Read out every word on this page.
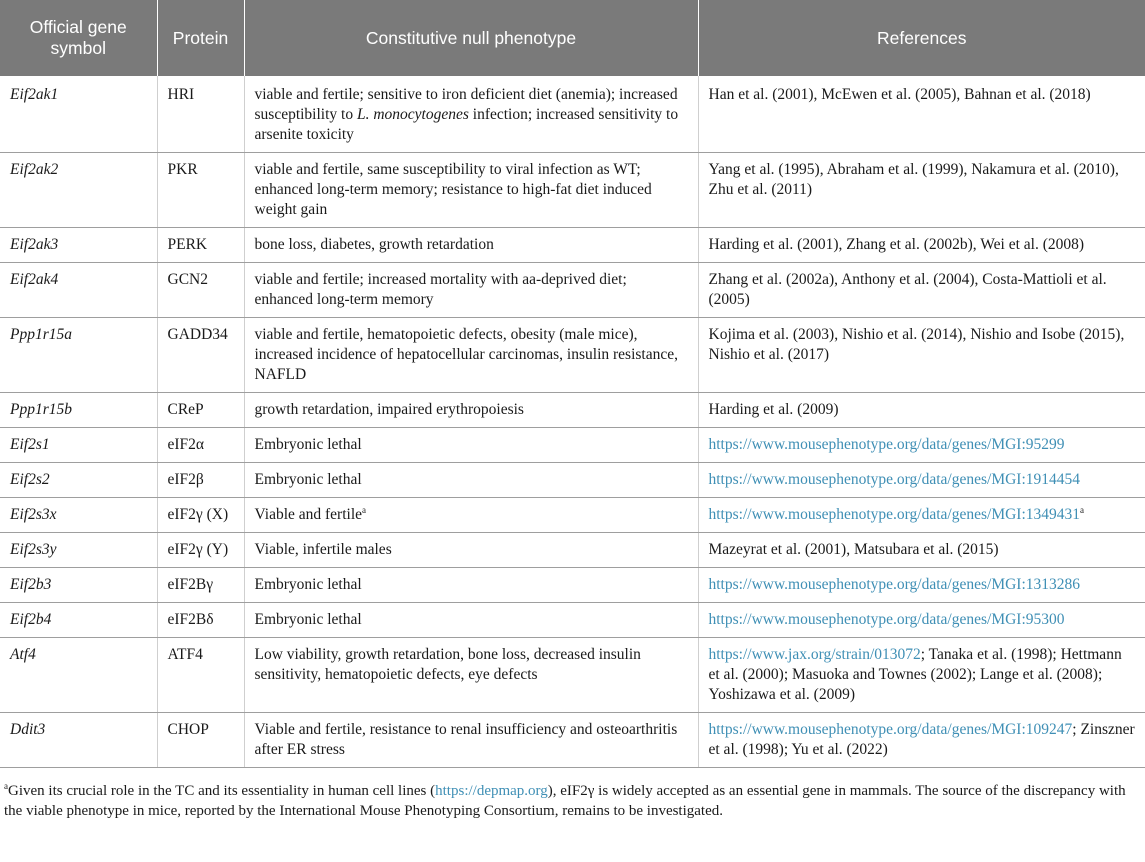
Official gene
symbol	Protein	Constitutive null phenotype	References
Eif2ak1	HRI	viable and fertile; sensitive to iron deficient diet (anemia); increased susceptibility to L. monocytogenes infection; increased sensitivity to arsenite toxicity	Han et al. (2001), McEwen et al. (2005), Bahnan et al. (2018)
Eif2ak2	PKR	viable and fertile, same susceptibility to viral infection as WT; enhanced long-term memory; resistance to high-fat diet induced weight gain	Yang et al. (1995), Abraham et al. (1999), Nakamura et al. (2010), Zhu et al. (2011)
Eif2ak3	PERK	bone loss, diabetes, growth retardation	Harding et al. (2001), Zhang et al. (2002b), Wei et al. (2008)
Eif2ak4	GCN2	viable and fertile; increased mortality with aa-deprived diet; enhanced long-term memory	Zhang et al. (2002a), Anthony et al. (2004), Costa-Mattioli et al. (2005)
Ppp1r15a	GADD34	viable and fertile, hematopoietic defects, obesity (male mice), increased incidence of hepatocellular carcinomas, insulin resistance, NAFLD	Kojima et al. (2003), Nishio et al. (2014), Nishio and Isobe (2015), Nishio et al. (2017)
Ppp1r15b	CReP	growth retardation, impaired erythropoiesis	Harding et al. (2009)
Eif2s1	eIF2α	Embryonic lethal	https://www.mousephenotype.org/data/genes/MGI:95299
Eif2s2	eIF2β	Embryonic lethal	https://www.mousephenotype.org/data/genes/MGI:1914454
Eif2s3x	eIF2γ (X)	Viable and fertile$^a$	https://www.mousephenotype.org/data/genes/MGI:1349431$^a$
Eif2s3y	eIF2γ (Y)	Viable, infertile males	Mazeyrat et al. (2001), Matsubara et al. (2015)
Eif2b3	eIF2Bγ	Embryonic lethal	https://www.mousephenotype.org/data/genes/MGI:1313286
Eif2b4	eIF2Bδ	Embryonic lethal	https://www.mousephenotype.org/data/genes/MGI:95300
Atf4	ATF4	Low viability, growth retardation, bone loss, decreased insulin sensitivity, hematopoietic defects, eye defects	https://www.jax.org/strain/013072; Tanaka et al. (1998); Hettmann et al. (2000); Masuoka and Townes (2002); Lange et al. (2008); Yoshizawa et al. (2009)
Ddit3	CHOP	Viable and fertile, resistance to renal insufficiency and osteoarthritis after ER stress	https://www.mousephenotype.org/data/genes/MGI:109247; Zinszner et al. (1998); Yu et al. (2022)
$^a$Given its crucial role in the TC and its essentiality in human cell lines (https://depmap.org), eIF2γ is widely accepted as an essential gene in mammals. The source of the discrepancy with the viable phenotype in mice, reported by the International Mouse Phenotyping Consortium, remains to be investigated.
